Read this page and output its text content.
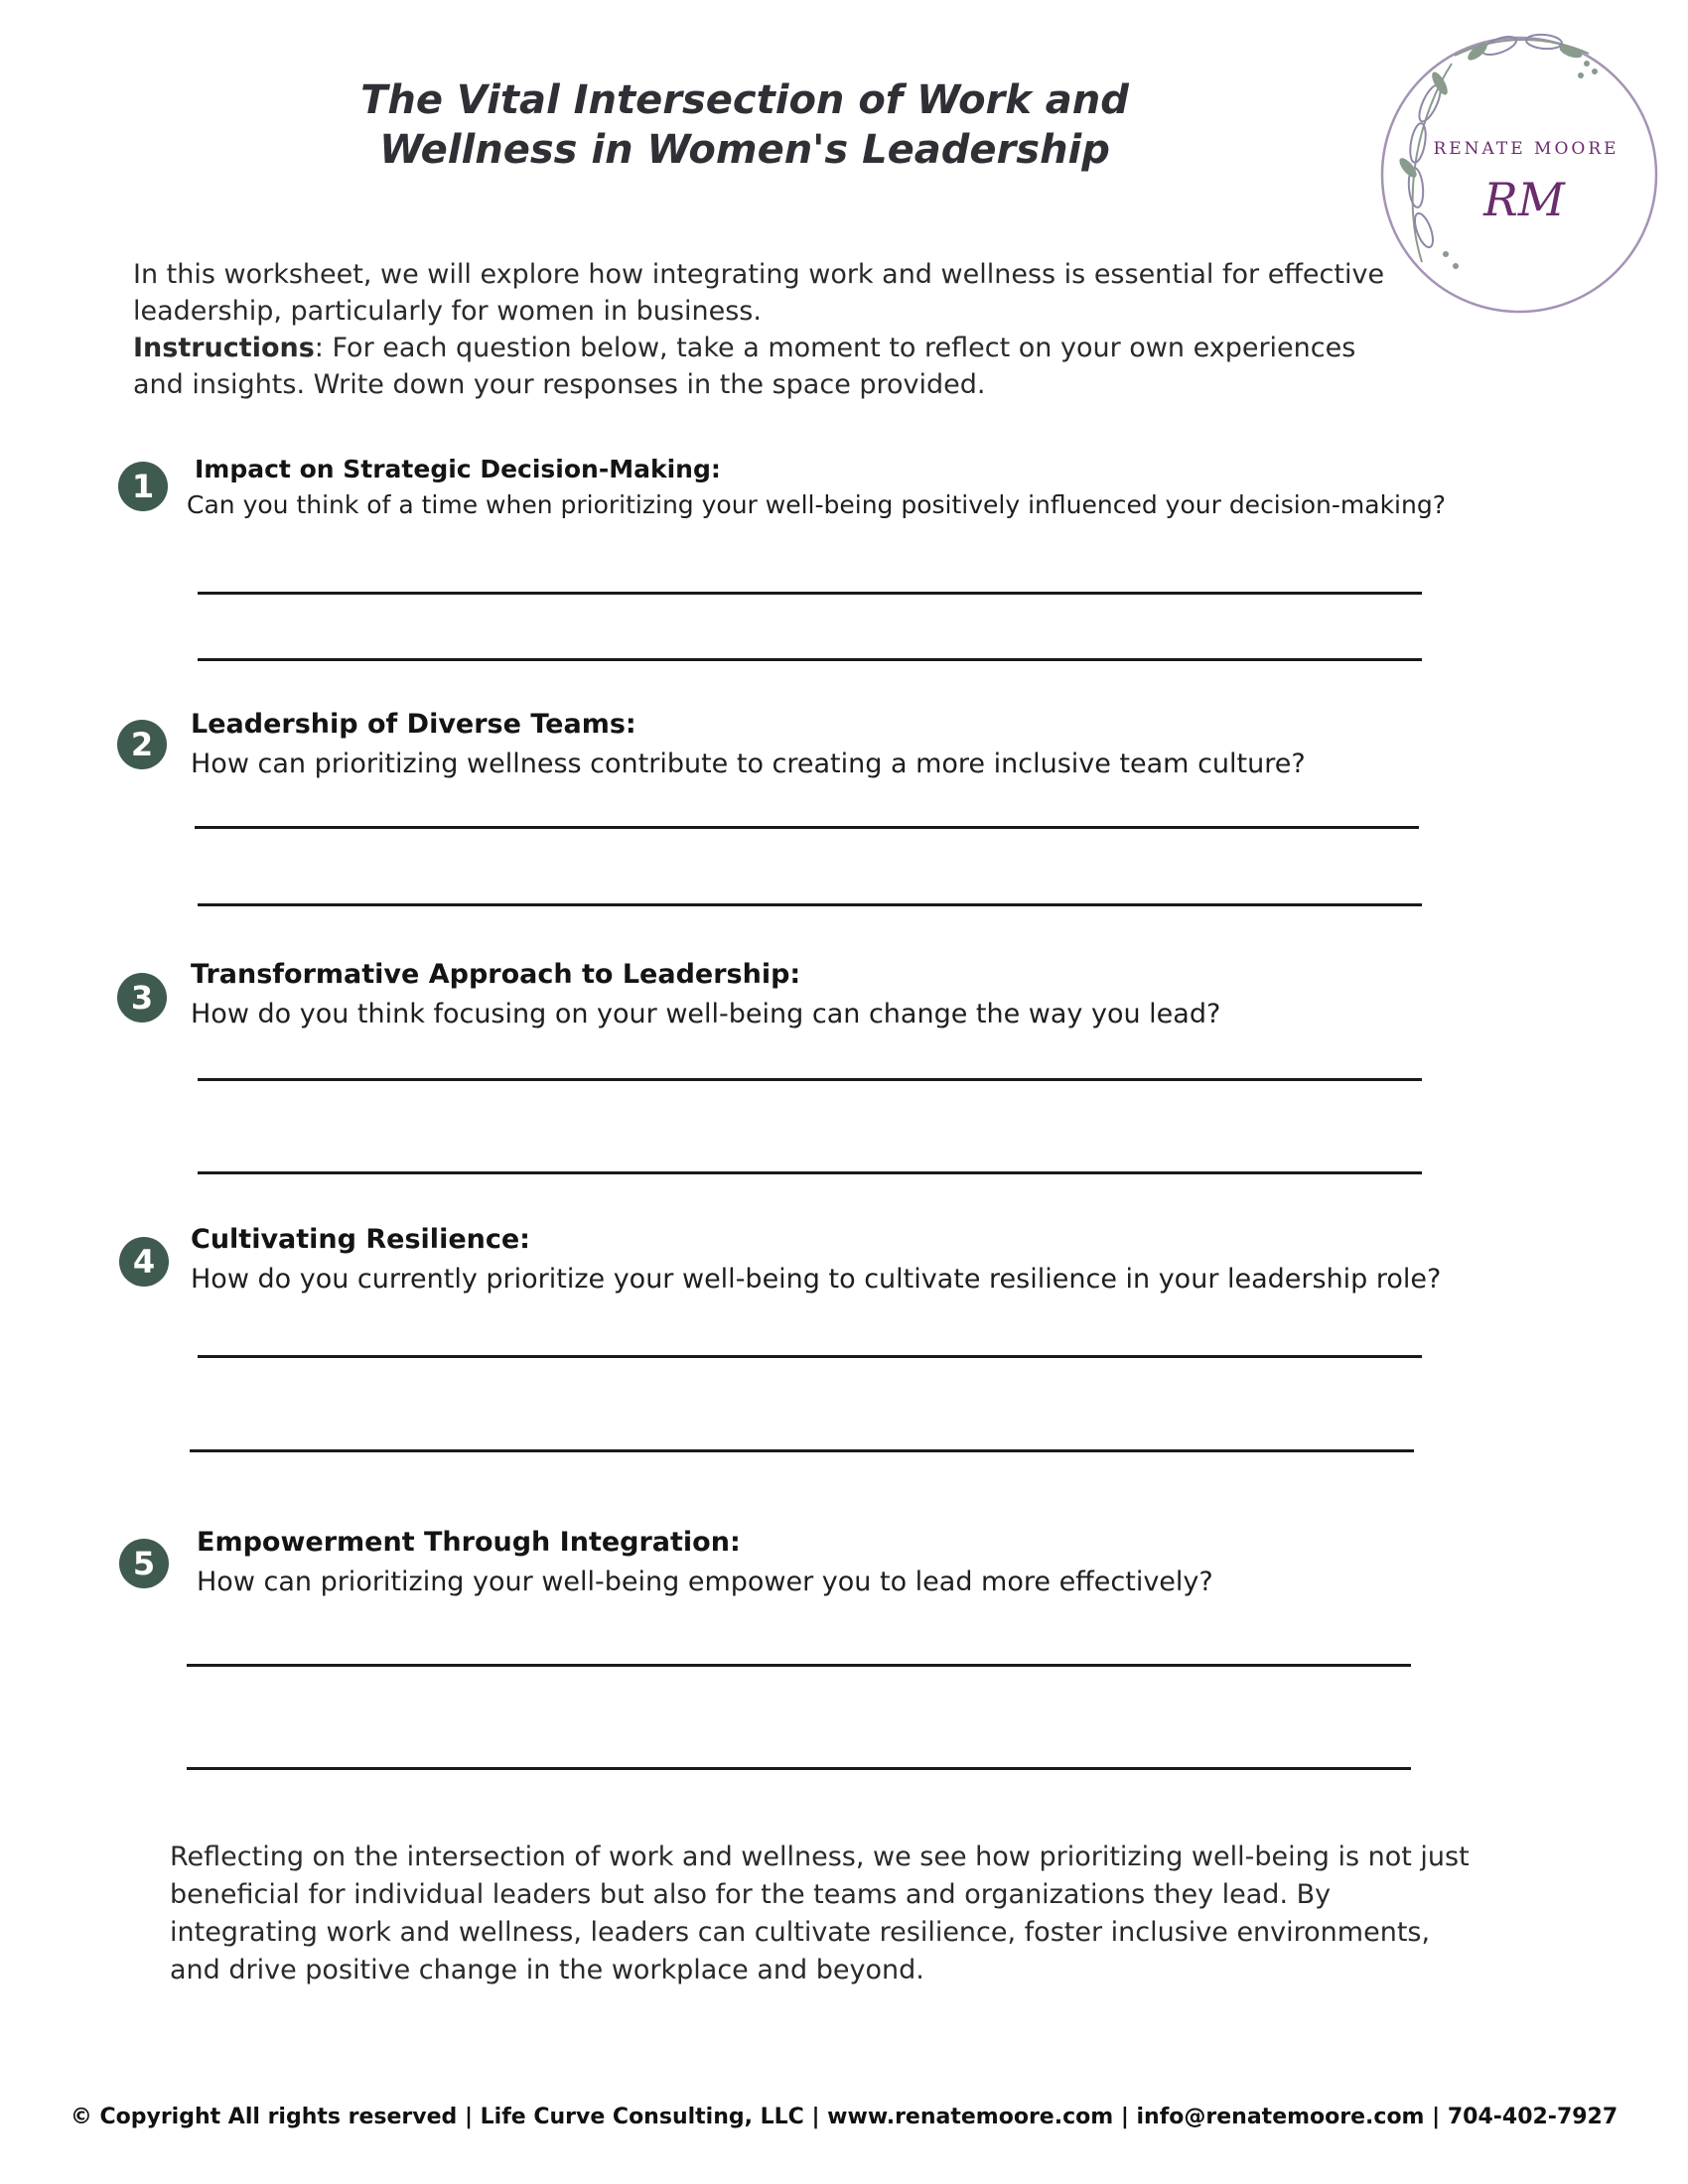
The Vital Intersection of Work and
Wellness in Women's Leadership	RENATE MOORE
RM

In this worksheet, we will explore how integrating work and wellness is essential for effective leadership, particularly for women in business.

Instructions: For each question below, take a moment to reflect on your own experiences and insights. Write down your responses in the space provided.

1	Impact on Strategic Decision-Making:
Can you think of a time when prioritizing your well-being positively influenced your decision-making?
2
Leadership of Diverse Teams:
How can prioritizing wellness contribute to creating a more inclusive team culture?
3
Transformative Approach to Leadership:
How do you think focusing on your well-being can change the way you lead?
4
Cultivating Resilience:
How do you currently prioritize your well-being to cultivate resilience in your leadership role?
5
Empowerment Through Integration:
How can prioritizing your well-being empower you to lead more effectively?
Reflecting on the intersection of work and wellness, we see how prioritizing well-being is not just beneficial for individual leaders but also for the teams and organizations they lead. By integrating work and wellness, leaders can cultivate resilience, foster inclusive environments, and drive positive change in the workplace and beyond.
© Copyright All rights reserved | Life Curve Consulting, LLC | www.renatemoore.com | info@renatemoore.com | 704-402-7927
